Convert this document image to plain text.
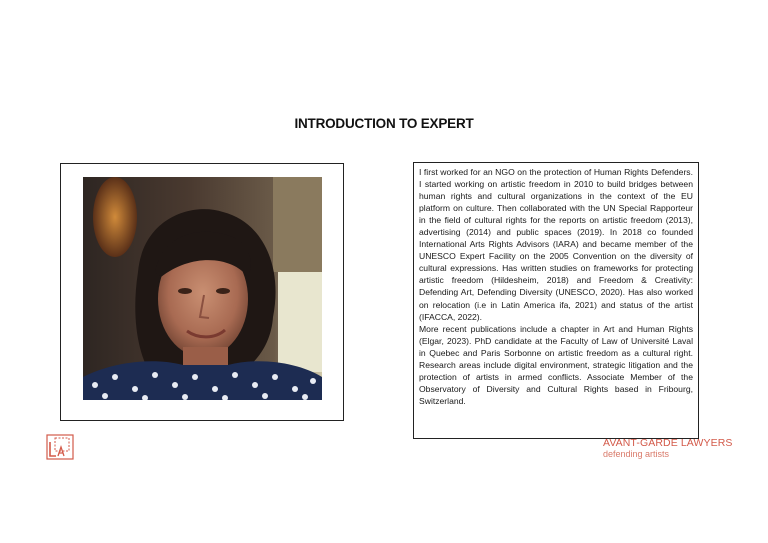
INTRODUCTION TO EXPERT

I first worked for an NGO on the protection of Human Rights Defenders. I started working on artistic freedom in 2010 to build bridges between human rights and cultural organizations in the context of the EU platform on culture. Then collaborated with the UN Special Rapporteur in the field of cultural rights for the reports on artistic freedom (2013), advertising (2014) and public spaces (2019). In 2018 co founded International Arts Rights Advisors (IARA) and became member of the UNESCO Expert Facility on the 2005 Convention on the diversity of cultural expressions. Has written studies on frameworks for protecting artistic freedom (Hildesheim, 2018) and Freedom & Creativity: Defending Art, Defending Diversity (UNESCO, 2020). Has also worked on relocation (i.e in Latin America ifa, 2021) and status of the artist (IFACCA, 2022).

More recent publications include a chapter in Art and Human Rights (Elgar, 2023). PhD candidate at the Faculty of Law of Université Laval in Quebec and Paris Sorbonne on artistic freedom as a cultural right. Research areas include digital environment, strategic litigation and the protection of artists in armed conflicts. Associate Member of the Observatory of Diversity and Cultural Rights based in Fribourg, Switzerland.

AVANT-GARDE LAWYERS
defending artists
